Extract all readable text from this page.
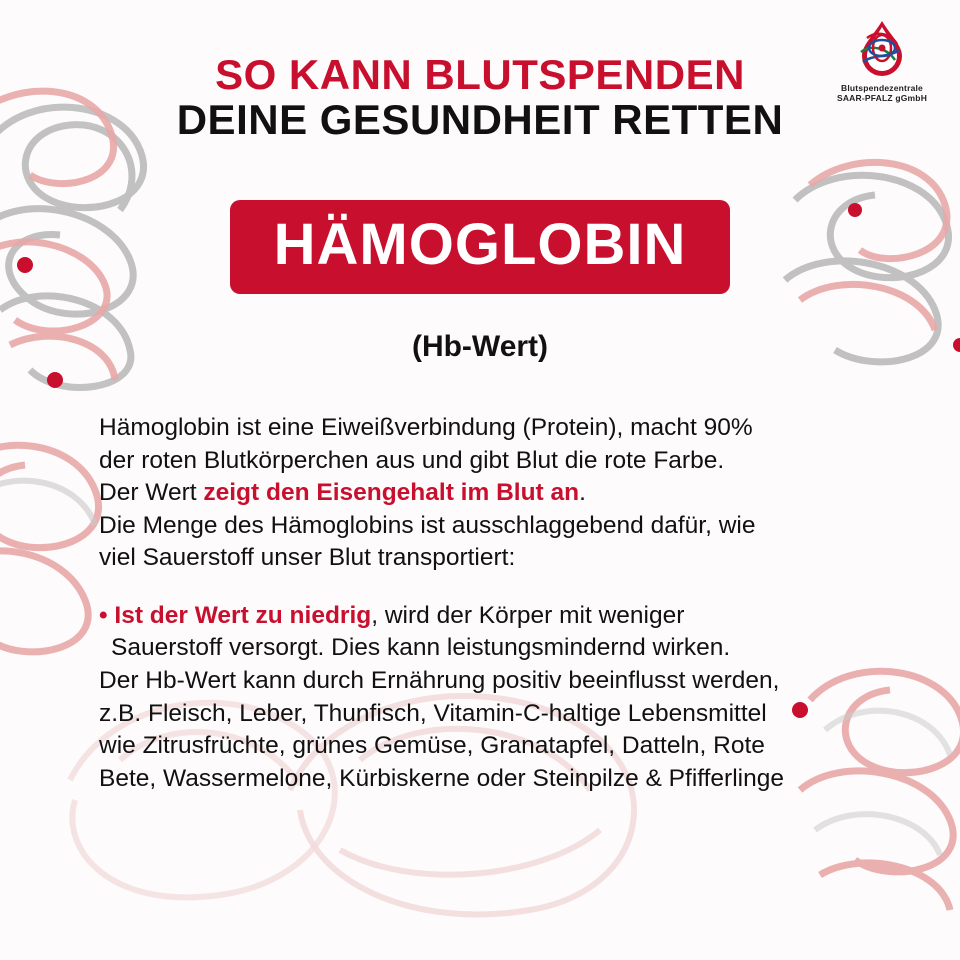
Blutspendezentrale
SAAR-PFALZ gGmbH
SO KANN BLUTSPENDEN
DEINE GESUNDHEIT RETTEN
HÄMOGLOBIN
(Hb-Wert)
Hämoglobin ist eine Eiweißverbindung (Protein), macht 90%
der roten Blutkörperchen aus und gibt Blut die rote Farbe.
Der Wert zeigt den Eisengehalt im Blut an.
Die Menge des Hämoglobins ist ausschlaggebend dafür, wie
viel Sauerstoff unser Blut transportiert:
• Ist der Wert zu niedrig, wird der Körper mit weniger
Sauerstoff versorgt. Dies kann leistungsmindernd wirken.
Der Hb-Wert kann durch Ernährung positiv beeinflusst werden,
z.B. Fleisch, Leber, Thunfisch, Vitamin-C-haltige Lebensmittel
wie Zitrusfrüchte, grünes Gemüse, Granatapfel, Datteln, Rote
Bete, Wassermelone, Kürbiskerne oder Steinpilze & Pfifferlinge
